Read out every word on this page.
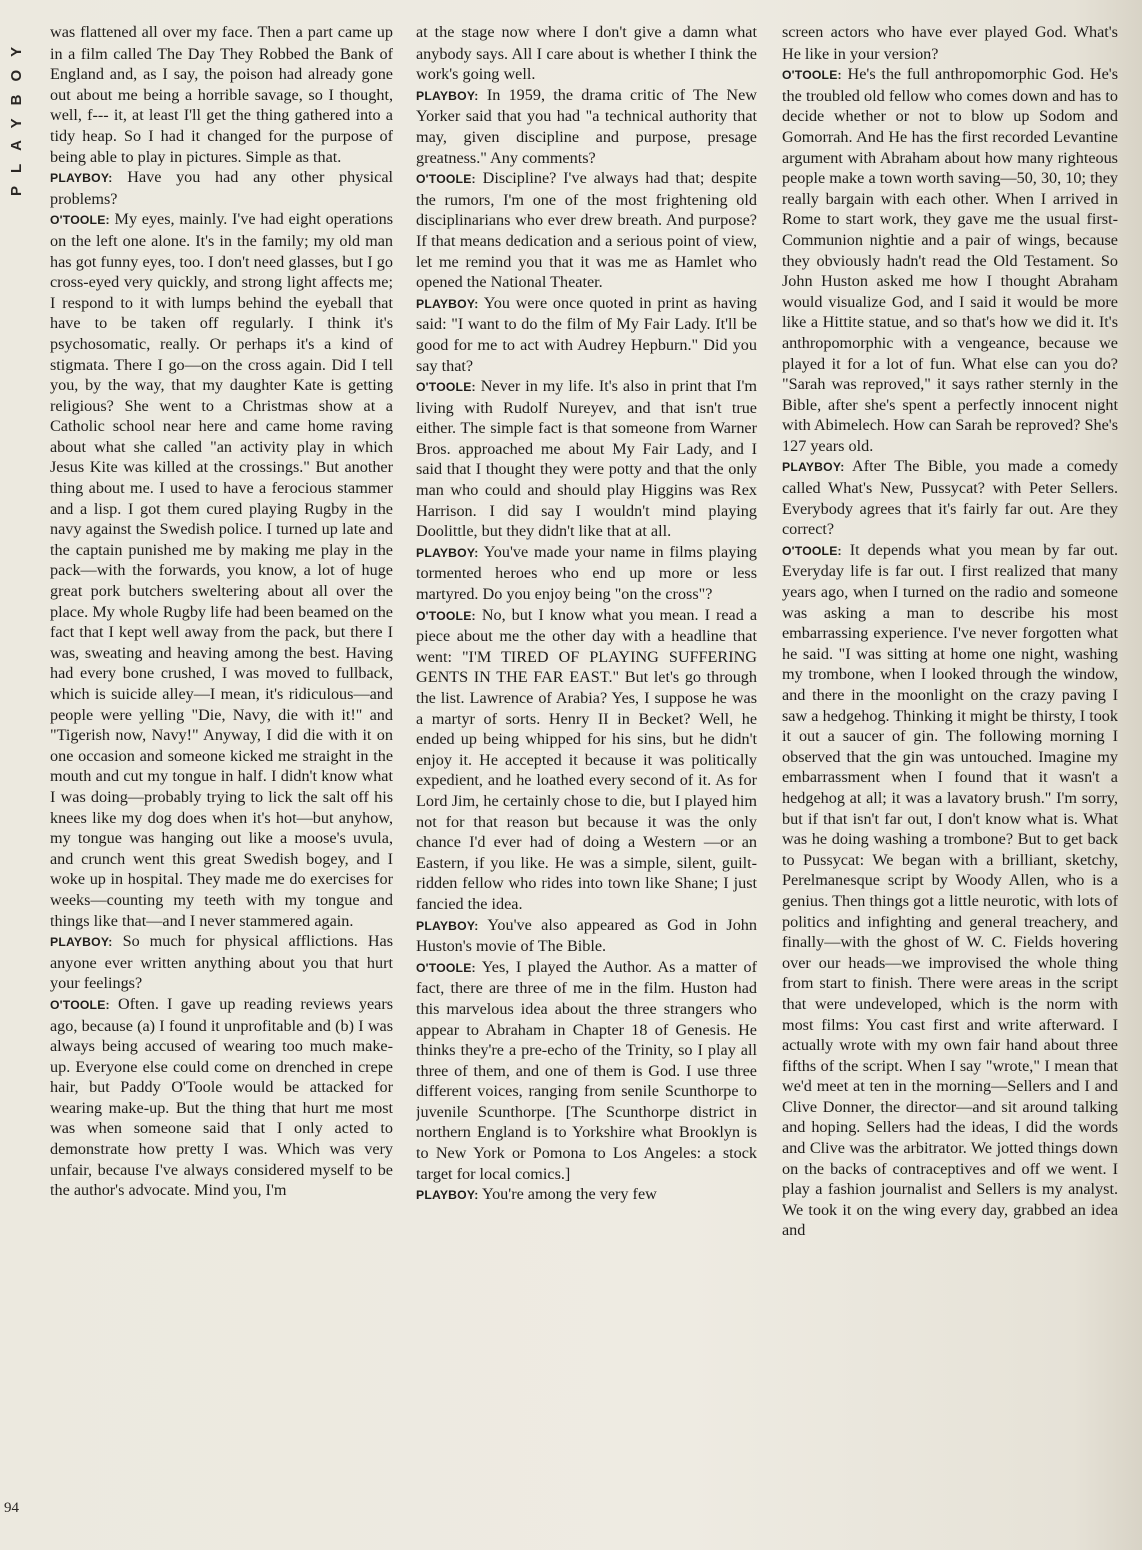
PLAYBOY

was flattened all over my face. Then a part came up in a film called The Day They Robbed the Bank of England and, as I say, the poison had already gone out about me being a horrible savage, so I thought, well, f--- it, at least I'll get the thing gathered into a tidy heap. So I had it changed for the purpose of being able to play in pictures. Simple as that.

PLAYBOY: Have you had any other physical problems?

O'TOOLE: My eyes, mainly. I've had eight operations on the left one alone. It's in the family; my old man has got funny eyes, too. I don't need glasses, but I go cross-eyed very quickly, and strong light affects me; I respond to it with lumps behind the eyeball that have to be taken off regularly. I think it's psychosomatic, really. Or perhaps it's a kind of stigmata. There I go—on the cross again. Did I tell you, by the way, that my daughter Kate is getting religious? She went to a Christmas show at a Catholic school near here and came home raving about what she called "an activity play in which Jesus Kite was killed at the crossings." But another thing about me. I used to have a ferocious stammer and a lisp. I got them cured playing Rugby in the navy against the Swedish police. I turned up late and the captain punished me by making me play in the pack—with the forwards, you know, a lot of huge great pork butchers sweltering about all over the place. My whole Rugby life had been beamed on the fact that I kept well away from the pack, but there I was, sweating and heaving among the best. Having had every bone crushed, I was moved to fullback, which is suicide alley—I mean, it's ridiculous—and people were yelling "Die, Navy, die with it!" and "Tigerish now, Navy!" Anyway, I did die with it on one occasion and someone kicked me straight in the mouth and cut my tongue in half. I didn't know what I was doing—probably trying to lick the salt off his knees like my dog does when it's hot—but anyhow, my tongue was hanging out like a moose's uvula, and crunch went this great Swedish bogey, and I woke up in hospital. They made me do exercises for weeks—counting my teeth with my tongue and things like that—and I never stammered again.

PLAYBOY: So much for physical afflictions. Has anyone ever written anything about you that hurt your feelings?

O'TOOLE: Often. I gave up reading reviews years ago, because (a) I found it unprofitable and (b) I was always being accused of wearing too much make-up. Everyone else could come on drenched in crepe hair, but Paddy O'Toole would be attacked for wearing make-up. But the thing that hurt me most was when someone said that I only acted to demonstrate how pretty I was. Which was very unfair, because I've always considered myself to be the author's advocate. Mind you, I'm

at the stage now where I don't give a damn what anybody says. All I care about is whether I think the work's going well.

PLAYBOY: In 1959, the drama critic of The New Yorker said that you had "a technical authority that may, given discipline and purpose, presage greatness." Any comments?

O'TOOLE: Discipline? I've always had that; despite the rumors, I'm one of the most frightening old disciplinarians who ever drew breath. And purpose? If that means dedication and a serious point of view, let me remind you that it was me as Hamlet who opened the National Theater.

PLAYBOY: You were once quoted in print as having said: "I want to do the film of My Fair Lady. It'll be good for me to act with Audrey Hepburn." Did you say that?

O'TOOLE: Never in my life. It's also in print that I'm living with Rudolf Nureyev, and that isn't true either. The simple fact is that someone from Warner Bros. approached me about My Fair Lady, and I said that I thought they were potty and that the only man who could and should play Higgins was Rex Harrison. I did say I wouldn't mind playing Doolittle, but they didn't like that at all.

PLAYBOY: You've made your name in films playing tormented heroes who end up more or less martyred. Do you enjoy being "on the cross"?

O'TOOLE: No, but I know what you mean. I read a piece about me the other day with a headline that went: "I'M TIRED OF PLAYING SUFFERING GENTS IN THE FAR EAST." But let's go through the list. Lawrence of Arabia? Yes, I suppose he was a martyr of sorts. Henry II in Becket? Well, he ended up being whipped for his sins, but he didn't enjoy it. He accepted it because it was politically expedient, and he loathed every second of it. As for Lord Jim, he certainly chose to die, but I played him not for that reason but because it was the only chance I'd ever had of doing a Western —or an Eastern, if you like. He was a simple, silent, guilt-ridden fellow who rides into town like Shane; I just fancied the idea.

PLAYBOY: You've also appeared as God in John Huston's movie of The Bible.

O'TOOLE: Yes, I played the Author. As a matter of fact, there are three of me in the film. Huston had this marvelous idea about the three strangers who appear to Abraham in Chapter 18 of Genesis. He thinks they're a pre-echo of the Trinity, so I play all three of them, and one of them is God. I use three different voices, ranging from senile Scunthorpe to juvenile Scunthorpe. [The Scunthorpe district in northern England is to Yorkshire what Brooklyn is to New York or Pomona to Los Angeles: a stock target for local comics.]

PLAYBOY: You're among the very few

screen actors who have ever played God. What's He like in your version?

O'TOOLE: He's the full anthropomorphic God. He's the troubled old fellow who comes down and has to decide whether or not to blow up Sodom and Gomorrah. And He has the first recorded Levantine argument with Abraham about how many righteous people make a town worth saving—50, 30, 10; they really bargain with each other. When I arrived in Rome to start work, they gave me the usual first-Communion nightie and a pair of wings, because they obviously hadn't read the Old Testament. So John Huston asked me how I thought Abraham would visualize God, and I said it would be more like a Hittite statue, and so that's how we did it. It's anthropomorphic with a vengeance, because we played it for a lot of fun. What else can you do? "Sarah was reproved," it says rather sternly in the Bible, after she's spent a perfectly innocent night with Abimelech. How can Sarah be reproved? She's 127 years old.

PLAYBOY: After The Bible, you made a comedy called What's New, Pussycat? with Peter Sellers. Everybody agrees that it's fairly far out. Are they correct?

O'TOOLE: It depends what you mean by far out. Everyday life is far out. I first realized that many years ago, when I turned on the radio and someone was asking a man to describe his most embarrassing experience. I've never forgotten what he said. "I was sitting at home one night, washing my trombone, when I looked through the window, and there in the moonlight on the crazy paving I saw a hedgehog. Thinking it might be thirsty, I took it out a saucer of gin. The following morning I observed that the gin was untouched. Imagine my embarrassment when I found that it wasn't a hedgehog at all; it was a lavatory brush." I'm sorry, but if that isn't far out, I don't know what is. What was he doing washing a trombone? But to get back to Pussycat: We began with a brilliant, sketchy, Perelmanesque script by Woody Allen, who is a genius. Then things got a little neurotic, with lots of politics and infighting and general treachery, and finally—with the ghost of W. C. Fields hovering over our heads—we improvised the whole thing from start to finish. There were areas in the script that were undeveloped, which is the norm with most films: You cast first and write afterward. I actually wrote with my own fair hand about three fifths of the script. When I say "wrote," I mean that we'd meet at ten in the morning—Sellers and I and Clive Donner, the director—and sit around talking and hoping. Sellers had the ideas, I did the words and Clive was the arbitrator. We jotted things down on the backs of contraceptives and off we went. I play a fashion journalist and Sellers is my analyst. We took it on the wing every day, grabbed an idea and

94
